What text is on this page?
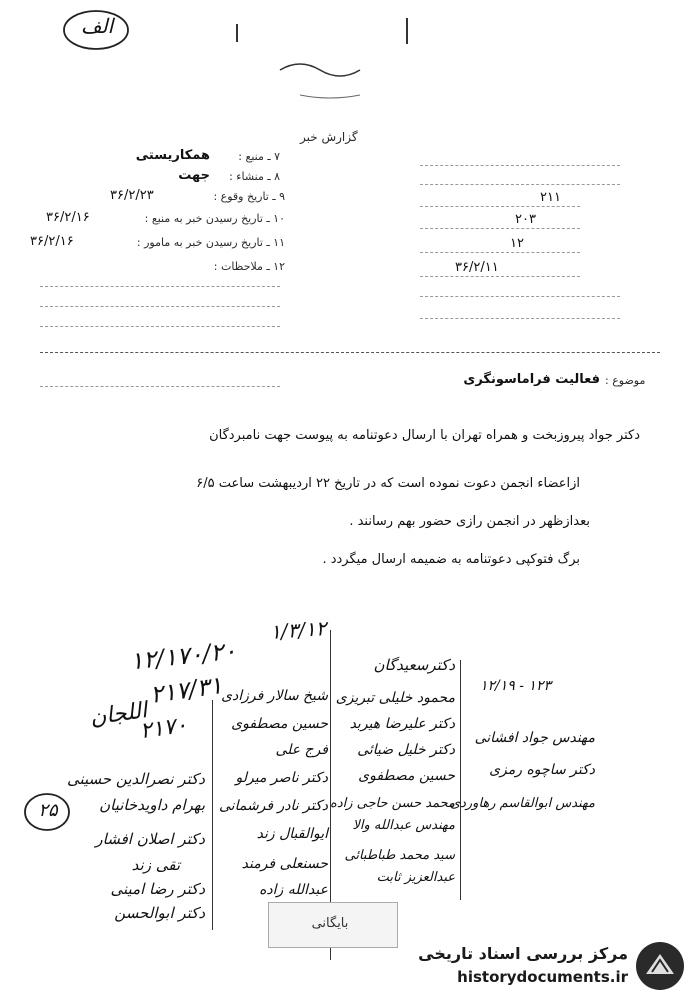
الف
گزارش خبر
۷ ـ منبع :
همکاریستی
۸ ـ منشاء :
جهت
۹ ـ تاریخ وقوع :
۳۶/۲/۲۳
۱۰ ـ تاریخ رسیدن خبر به منبع :
۳۶/۲/۱۶
۱۱ ـ تاریخ رسیدن خبر به مامور :
۳۶/۲/۱۶
۱۲ ـ ملاحظات :
۲۱۱
۲۰۳
۱۲
۳۶/۲/۱۱
موضوع :
فعالیت فراماسونگری
دکتر جواد پیروزبخت و همراه تهران با ارسال دعوتنامه به پیوست جهت نامبردگان
ازاعضاء انجمن دعوت نموده است که در تاریخ ۲۲ اردیبهشت ساعت ۶/۵
بعدازظهر در انجمن رازی حضور بهم رسانند .
برگ فتوکپی دعوتنامه به ضمیمه ارسال میگردد .
۱/۳/۱۲
۱۲/۱۷۰/۲۰
۲۱۷/۳۱
۲۱۷۰
اللجان
دکتر نصرالدین حسینی
بهرام داویدخانیان
دکتر اصلان افشار
تقی زند
دکتر رضا امینی
دکتر ابوالحسن
۲۵
شیخ سالار فرزادی
حسین مصطفوی
فرج علی
دکتر ناصر میرلو
دکتر نادر فرشمانی
ایوالقبال زند
حسنعلی فرمند
عبدالله زاده
دکترسعیدگان
محمود خلیلی تبریزی
دکتر علیرضا هیربد
دکتر خلیل ضیائی
حسین مصطفوی
محمد حسن حاجی زاده
مهندس عبدالله والا
سید محمد طباطبائی
عبدالعزیز ثابت
۱۲/۱۹ - ۱۲۳
مهندس جواد افشانی
دکتر ساچوه رمزی
مهندس ابوالقاسم رهاوردی
بایگانی
مرکز بررسی اسناد تاریخی
historydocuments.ir
